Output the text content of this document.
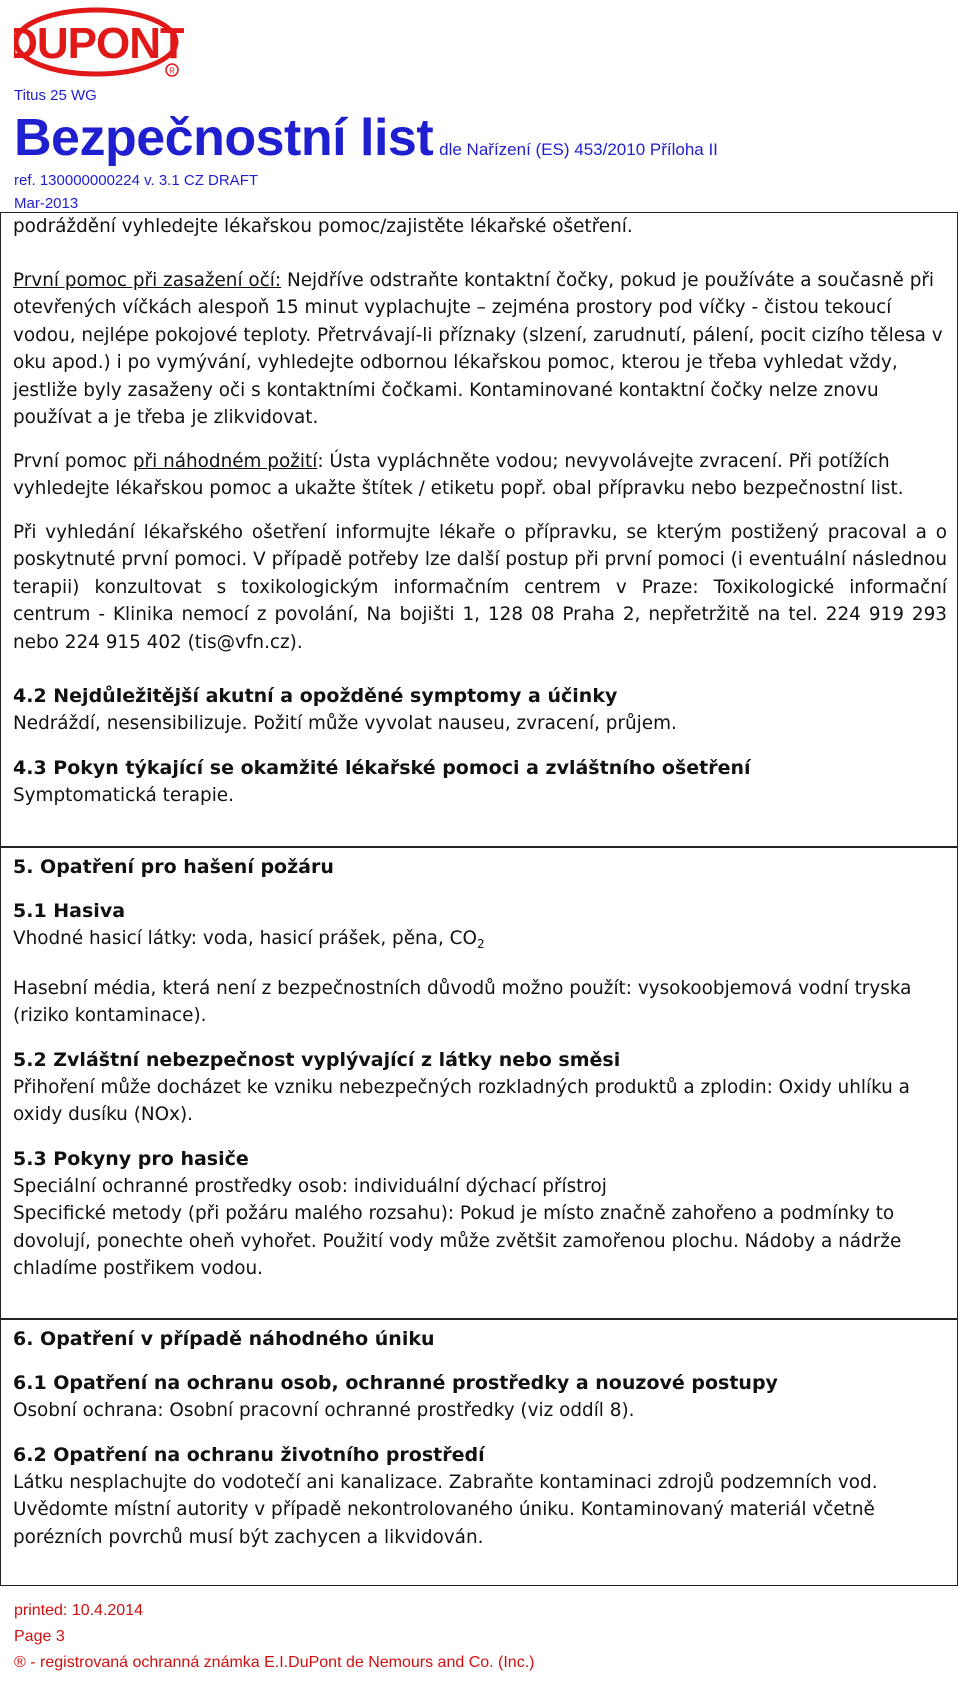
DUPONT
R
Titus 25 WG
Bezpečnostní list dle Nařízení (ES) 453/2010 Příloha II
ref. 130000000224 v. 3.1 CZ DRAFT
Mar-2013

podráždění vyhledejte lékařskou pomoc/zajistěte lékařské ošetření.

První pomoc při zasažení očí: Nejdříve odstraňte kontaktní čočky, pokud je používáte a současně při otevřených víčkách alespoň 15 minut vyplachujte – zejména prostory pod víčky - čistou tekoucí vodou, nejlépe pokojové teploty. Přetrvávají-li příznaky (slzení, zarudnutí, pálení, pocit cizího tělesa v oku apod.) i po vymývání, vyhledejte odbornou lékařskou pomoc, kterou je třeba vyhledat vždy, jestliže byly zasaženy oči s kontaktními čočkami. Kontaminované kontaktní čočky nelze znovu používat a je třeba je zlikvidovat.

První pomoc při náhodném požití: Ústa vypláchněte vodou; nevyvolávejte zvracení. Při potížích vyhledejte lékařskou pomoc a ukažte štítek / etiketu popř. obal přípravku nebo bezpečnostní list.

Při vyhledání lékařského ošetření informujte lékaře o přípravku, se kterým postižený pracoval a o poskytnuté první pomoci. V případě potřeby lze další postup při první pomoci (i eventuální následnou terapii) konzultovat s toxikologickým informačním centrem v Praze: Toxikologické informační centrum - Klinika nemocí z povolání, Na bojišti 1, 128 08 Praha 2, nepřetržitě na tel. 224 919 293 nebo 224 915 402 (tis@vfn.cz).

4.2 Nejdůležitější akutní a opožděné symptomy a účinky

Nedráždí, nesensibilizuje. Požití může vyvolat nauseu, zvracení, průjem.

4.3 Pokyn týkající se okamžité lékařské pomoci a zvláštního ošetření

Symptomatická terapie.

5. Opatření pro hašení požáru

5.1 Hasiva

Vhodné hasicí látky: voda, hasicí prášek, pěna, $CO_2$

Hasební média, která není z bezpečnostních důvodů možno použít: vysokoobjemová vodní tryska (riziko kontaminace).

5.2 Zvláštní nebezpečnost vyplývající z látky nebo směsi

Přihoření může docházet ke vzniku nebezpečných rozkladných produktů a zplodin: Oxidy uhlíku a oxidy dusíku (NOx).

5.3 Pokyny pro hasiče

Speciální ochranné prostředky osob: individuální dýchací přístroj

Specifické metody (při požáru malého rozsahu): Pokud je místo značně zahořeno a podmínky to dovolují, ponechte oheň vyhořet. Použití vody může zvětšit zamořenou plochu. Nádoby a nádrže chladíme postřikem vodou.

6. Opatření v případě náhodného úniku

6.1 Opatření na ochranu osob, ochranné prostředky a nouzové postupy

Osobní ochrana: Osobní pracovní ochranné prostředky (viz oddíl 8).

6.2 Opatření na ochranu životního prostředí

Látku nesplachujte do vodotečí ani kanalizace. Zabraňte kontaminaci zdrojů podzemních vod. Uvědomte místní autority v případě nekontrolovaného úniku. Kontaminovaný materiál včetně porézních povrchů musí být zachycen a likvidován.

printed: 10.4.2014
Page 3
® - registrovaná ochranná známka E.I.DuPont de Nemours and Co. (Inc.)
